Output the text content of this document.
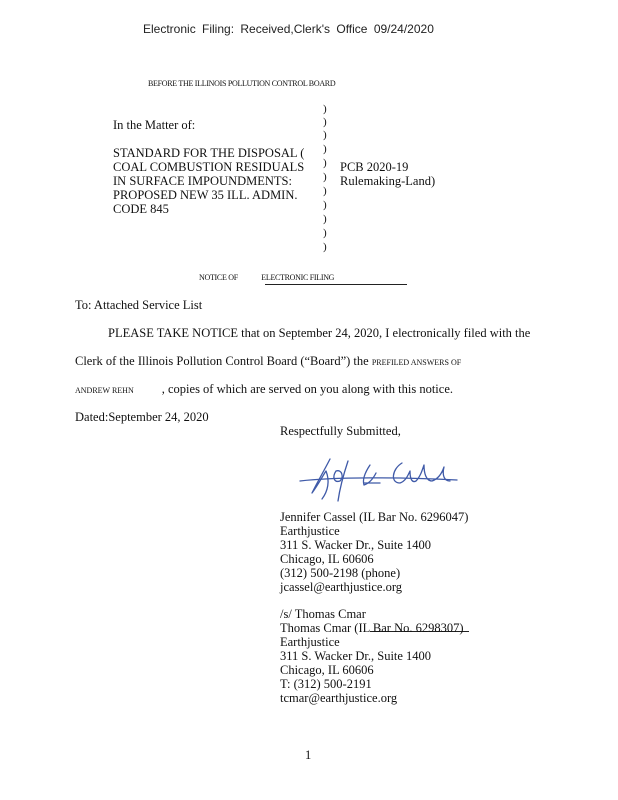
Electronic Filing: Received,Clerk's Office 09/24/2020
BEFORE THE ILLINOIS POLLUTION CONTROL BOARD
In the Matter of:
STANDARD FOR THE DISPOSAL (
COAL COMBUSTION RESIDUALS
IN SURFACE IMPOUNDMENTS:
PROPOSED NEW 35 ILL. ADMIN.
CODE 845
)
)
)
)
)
)
)
)
)
)
)
PCB 2020-19
Rulemaking-Land)
NOTICE OF	ELECTRONIC FILING
To: Attached Service List
PLEASE TAKE NOTICE that on September 24, 2020, I electronically filed with the
Clerk of the Illinois Pollution Control Board (“Board”) the PREFILED ANSWERS OF
ANDREW REHN , copies of which are served on you along with this notice.
Dated:September 24, 2020
Respectfully Submitted,
Jennifer Cassel (IL Bar No. 6296047)
Earthjustice
311 S. Wacker Dr., Suite 1400
Chicago, IL 60606
(312) 500-2198 (phone)
jcassel@earthjustice.org
/s/ Thomas Cmar
Thomas Cmar (IL Bar No. 6298307)
Earthjustice
311 S. Wacker Dr., Suite 1400
Chicago, IL 60606
T: (312) 500-2191
tcmar@earthjustice.org
1
